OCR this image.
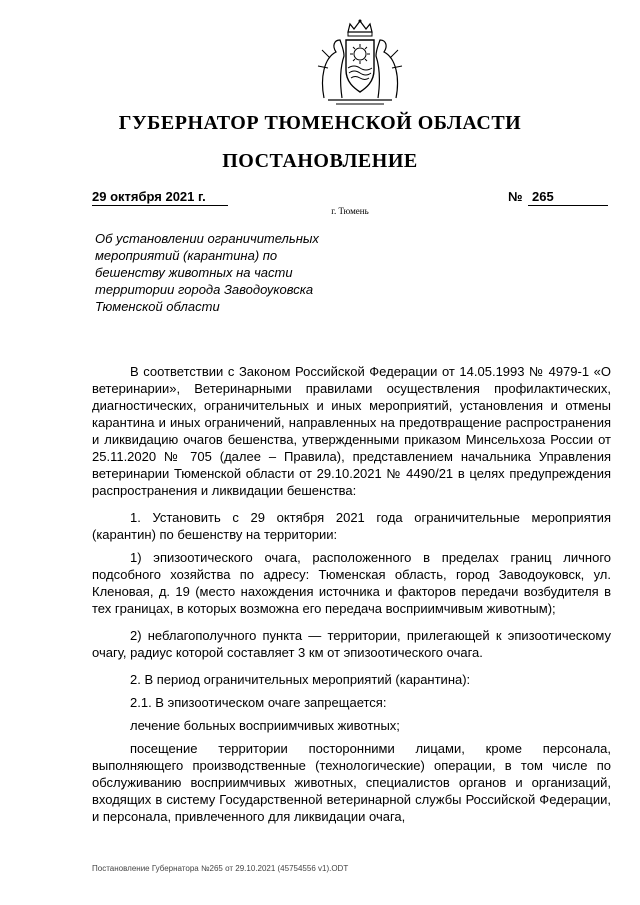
ГУБЕРНАТОР ТЮМЕНСКОЙ ОБЛАСТИ
ПОСТАНОВЛЕНИЕ
29 октября 2021 г.	№ 265
г. Тюмень
Об установлении ограничительных мероприятий (карантина) по бешенству животных на части территории города Заводоуковска Тюменской области

В соответствии с Законом Российской Федерации от 14.05.1993 № 4979-1 «О ветеринарии», Ветеринарными правилами осуществления профилактических, диагностических, ограничительных и иных мероприятий, установления и отмены карантина и иных ограничений, направленных на предотвращение распространения и ликвидацию очагов бешенства, утвержденными приказом Минсельхоза России от 25.11.2020 № 705 (далее – Правила), представлением начальника Управления ветеринарии Тюменской области от 29.10.2021 № 4490/21 в целях предупреждения распространения и ликвидации бешенства:

1. Установить с 29 октября 2021 года ограничительные мероприятия (карантин) по бешенству на территории:

1) эпизоотического очага, расположенного в пределах границ личного подсобного хозяйства по адресу: Тюменская область, город Заводоуковск, ул. Кленовая, д. 19 (место нахождения источника и факторов передачи возбудителя в тех границах, в которых возможна его передача восприимчивым животным);

2) неблагополучного пункта — территории, прилегающей к эпизоотическому очагу, радиус которой составляет 3 км от эпизоотического очага.

2. В период ограничительных мероприятий (карантина):

2.1. В эпизоотическом очаге запрещается:

лечение больных восприимчивых животных;

посещение территории посторонними лицами, кроме персонала, выполняющего производственные (технологические) операции, в том числе по обслуживанию восприимчивых животных, специалистов органов и организаций, входящих в систему Государственной ветеринарной службы Российской Федерации, и персонала, привлеченного для ликвидации очага,

Постановление Губернатора №265 от 29.10.2021 (45754556 v1).ODT
